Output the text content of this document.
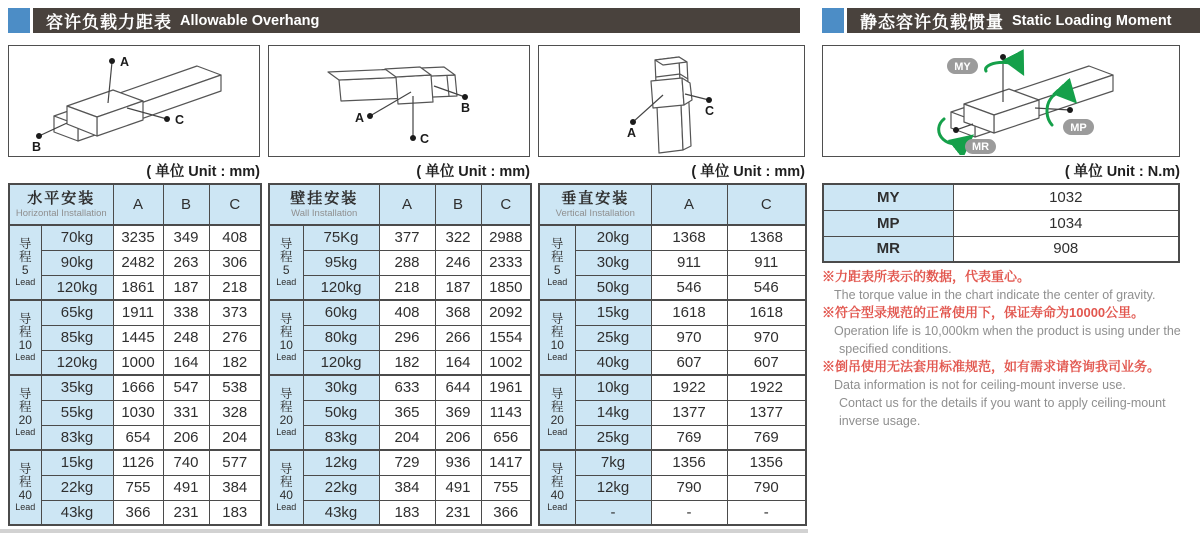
容许负载力距表 Allowable Overhang	静态容许负载惯量 Static Loading Moment
A
C
B
B
A
C	A
C
MY
MP
MR
( 单位 Unit : mm)	( 单位 Unit : mm)	( 单位 Unit : mm)	( 单位 Unit : N.m)
水平安装
Horizontal Installation		A	B	C

导
程
5
Lead	70kg	3235	349	408
	90kg	2482	263	306
	120kg	1861	187	218

导
程
10
Lead	65kg	1911	338	373
	85kg	1445	248	276
	120kg	1000	164	182

导
程
20
Lead	35kg	1666	547	538
	55kg	1030	331	328
	83kg	654	206	204

导
程
40
Lead	15kg	1126	740	577
	22kg	755	491	384
	43kg	366	231	183
壁挂安装
Wall Installation		A	B	C

导
程
5
Lead	75Kg	377	322	2988
	95kg	288	246	2333
	120kg	218	187	1850

导
程
10
Lead	60kg	408	368	2092
	80kg	296	266	1554
	120kg	182	164	1002

导
程
20
Lead	30kg	633	644	1961
	50kg	365	369	1143
	83kg	204	206	656

导
程
40
Lead	12kg	729	936	1417
	22kg	384	491	755
	43kg	183	231	366
垂直安装
Vertical Installation		A	C

导
程
5
Lead	20kg	1368	1368
	30kg	911	911
	50kg	546	546

导
程
10
Lead	15kg	1618	1618
	25kg	970	970
	40kg	607	607

导
程
20
Lead	10kg	1922	1922
	14kg	1377	1377
	25kg	769	769

导
程
40
Lead	7kg	1356	1356
	12kg	790	790
	-	-	-
MY	1032
MP	1034
MR	908
※力距表所表示的数据，代表重心。
The torque value in the chart indicate the center of gravity.
※符合型录规范的正常使用下，保证寿命为10000公里。
Operation life is 10,000km when the product is using under the
specified conditions.
※倒吊使用无法套用标准规范，如有需求请咨询我司业务。
Data information is not for ceiling-mount inverse use.
Contact us for the details if you want to apply ceiling-mount
inverse usage.
